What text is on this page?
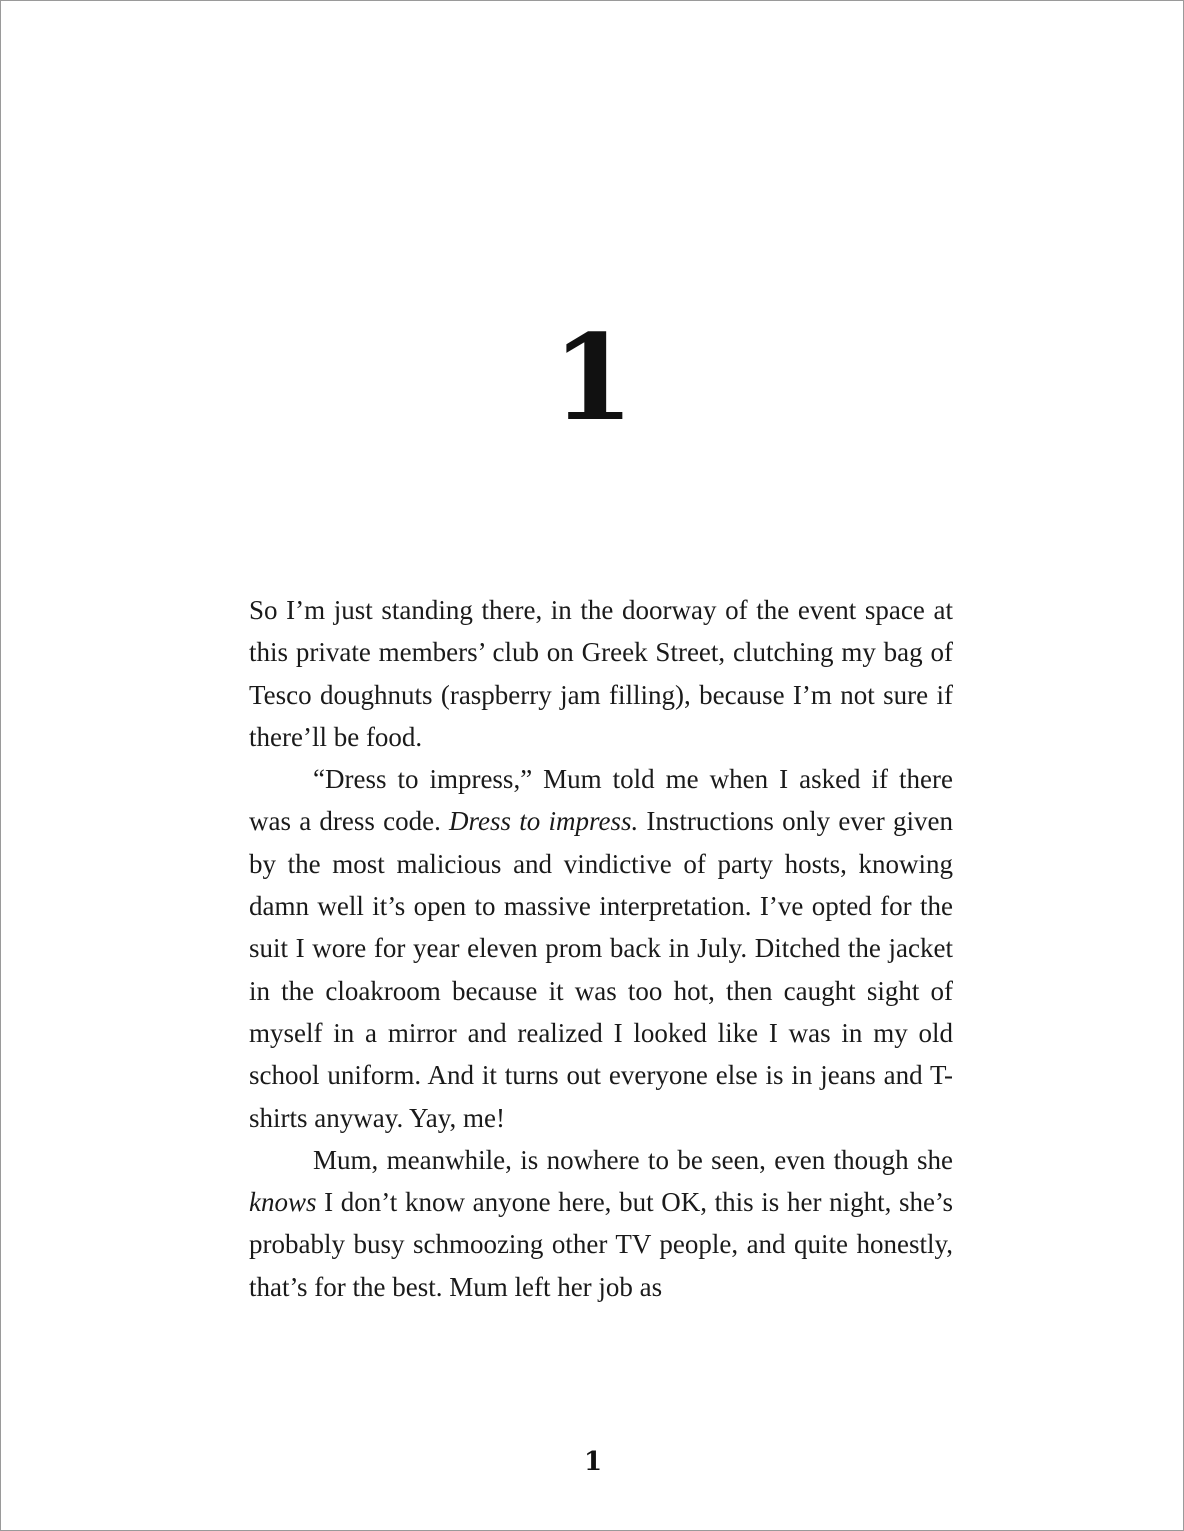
1

So I’m just standing there, in the doorway of the event space at this private members’ club on Greek Street, clutching my bag of Tesco doughnuts (raspberry jam filling), because I’m not sure if there’ll be food.

“Dress to impress,” Mum told me when I asked if there was a dress code. Dress to impress. Instructions only ever given by the most malicious and vindictive of party hosts, knowing damn well it’s open to massive interpretation. I’ve opted for the suit I wore for year eleven prom back in July. Ditched the jacket in the cloakroom because it was too hot, then caught sight of myself in a mirror and realized I looked like I was in my old school uniform. And it turns out everyone else is in jeans and T-shirts anyway. Yay, me!

Mum, meanwhile, is nowhere to be seen, even though she knows I don’t know anyone here, but OK, this is her night, she’s probably busy schmoozing other TV people, and quite honestly, that’s for the best. Mum left her job as

1
